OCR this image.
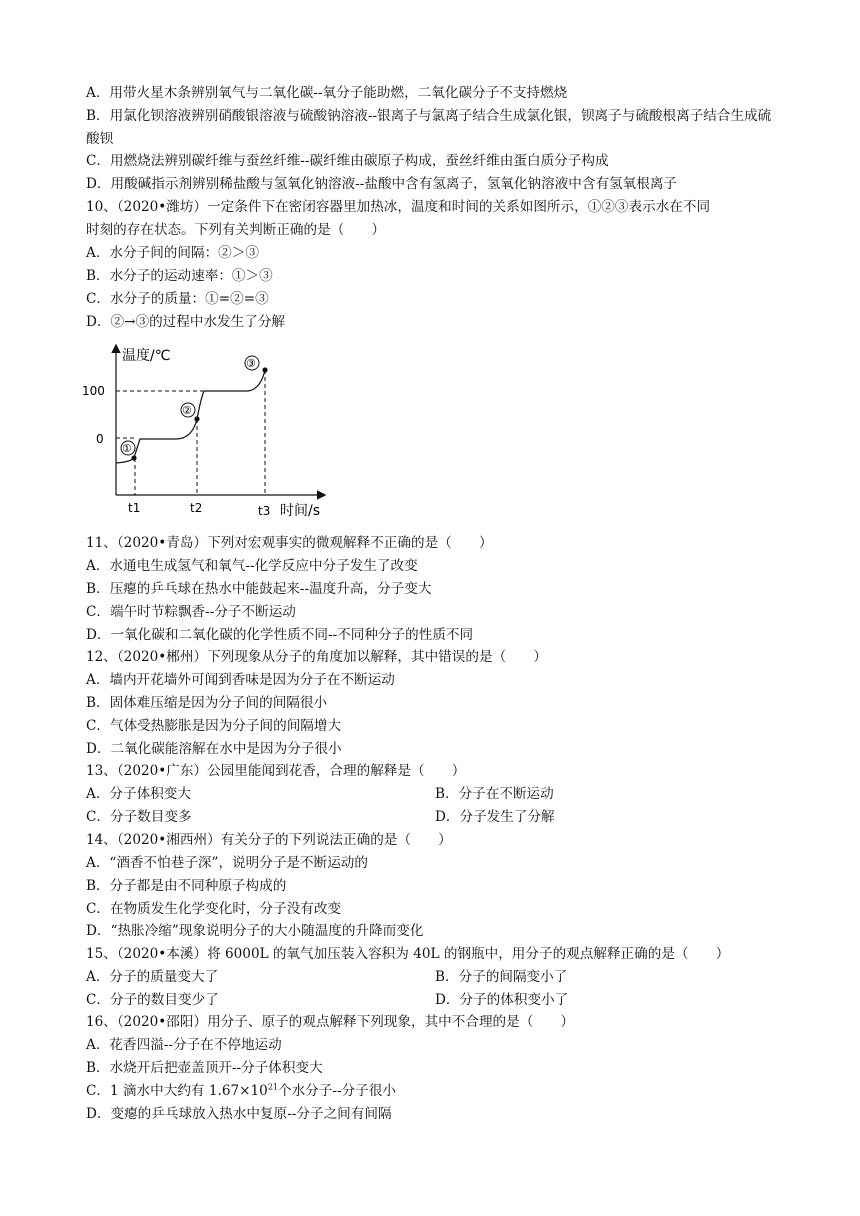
A．用带火星木条辨别氧气与二氧化碳--氧分子能助燃，二氧化碳分子不支持燃烧
B．用氯化钡溶液辨别硝酸银溶液与硫酸钠溶液--银离子与氯离子结合生成氯化银，钡离子与硫酸根离子结合生成硫酸钡
C．用燃烧法辨别碳纤维与蚕丝纤维--碳纤维由碳原子构成，蚕丝纤维由蛋白质分子构成
D．用酸碱指示剂辨别稀盐酸与氢氧化钠溶液--盐酸中含有氢离子，氢氧化钠溶液中含有氢氧根离子
10、（2020•潍坊）一定条件下在密闭容器里加热冰，温度和时间的关系如图所示，①②③表示水在不同
时刻的存在状态。下列有关判断正确的是（　　）
A．水分子间的间隔：②＞③
B．水分子的运动速率：①＞③
C．水分子的质量：①=②=③
D．②→③的过程中水发生了分解
温度/℃
时间/s
100
0
①
②
③
t1	t2	t3
11、（2020•青岛）下列对宏观事实的微观解释不正确的是（　　）
A．水通电生成氢气和氧气--化学反应中分子发生了改变
B．压瘪的乒乓球在热水中能鼓起来--温度升高，分子变大
C．端午时节粽飘香--分子不断运动
D．一氧化碳和二氧化碳的化学性质不同--不同种分子的性质不同
12、（2020•郴州）下列现象从分子的角度加以解释，其中错误的是（　　）
A．墙内开花墙外可闻到香味是因为分子在不断运动
B．固体难压缩是因为分子间的间隔很小
C．气体受热膨胀是因为分子间的间隔增大
D．二氧化碳能溶解在水中是因为分子很小
13、（2020•广东）公园里能闻到花香，合理的解释是（　　）
A．分子体积变大	B．分子在不断运动
C．分子数目变多	D．分子发生了分解
14、（2020•湘西州）有关分子的下列说法正确的是（　　）
A．“酒香不怕巷子深”，说明分子是不断运动的
B．分子都是由不同种原子构成的
C．在物质发生化学变化时，分子没有改变
D．“热胀冷缩”现象说明分子的大小随温度的升降而变化
15、（2020•本溪）将 6000L 的氧气加压装入容积为 40L 的钢瓶中，用分子的观点解释正确的是（　　）
A．分子的质量变大了	B．分子的间隔变小了
C．分子的数目变少了	D．分子的体积变小了
16、（2020•邵阳）用分子、原子的观点解释下列现象，其中不合理的是（　　）
A．花香四溢--分子在不停地运动
B．水烧开后把壶盖顶开--分子体积变大
C．1 滴水中大约有 $1.67\times 10^{21}$个水分子--分子很小
D．变瘪的乒乓球放入热水中复原--分子之间有间隔
